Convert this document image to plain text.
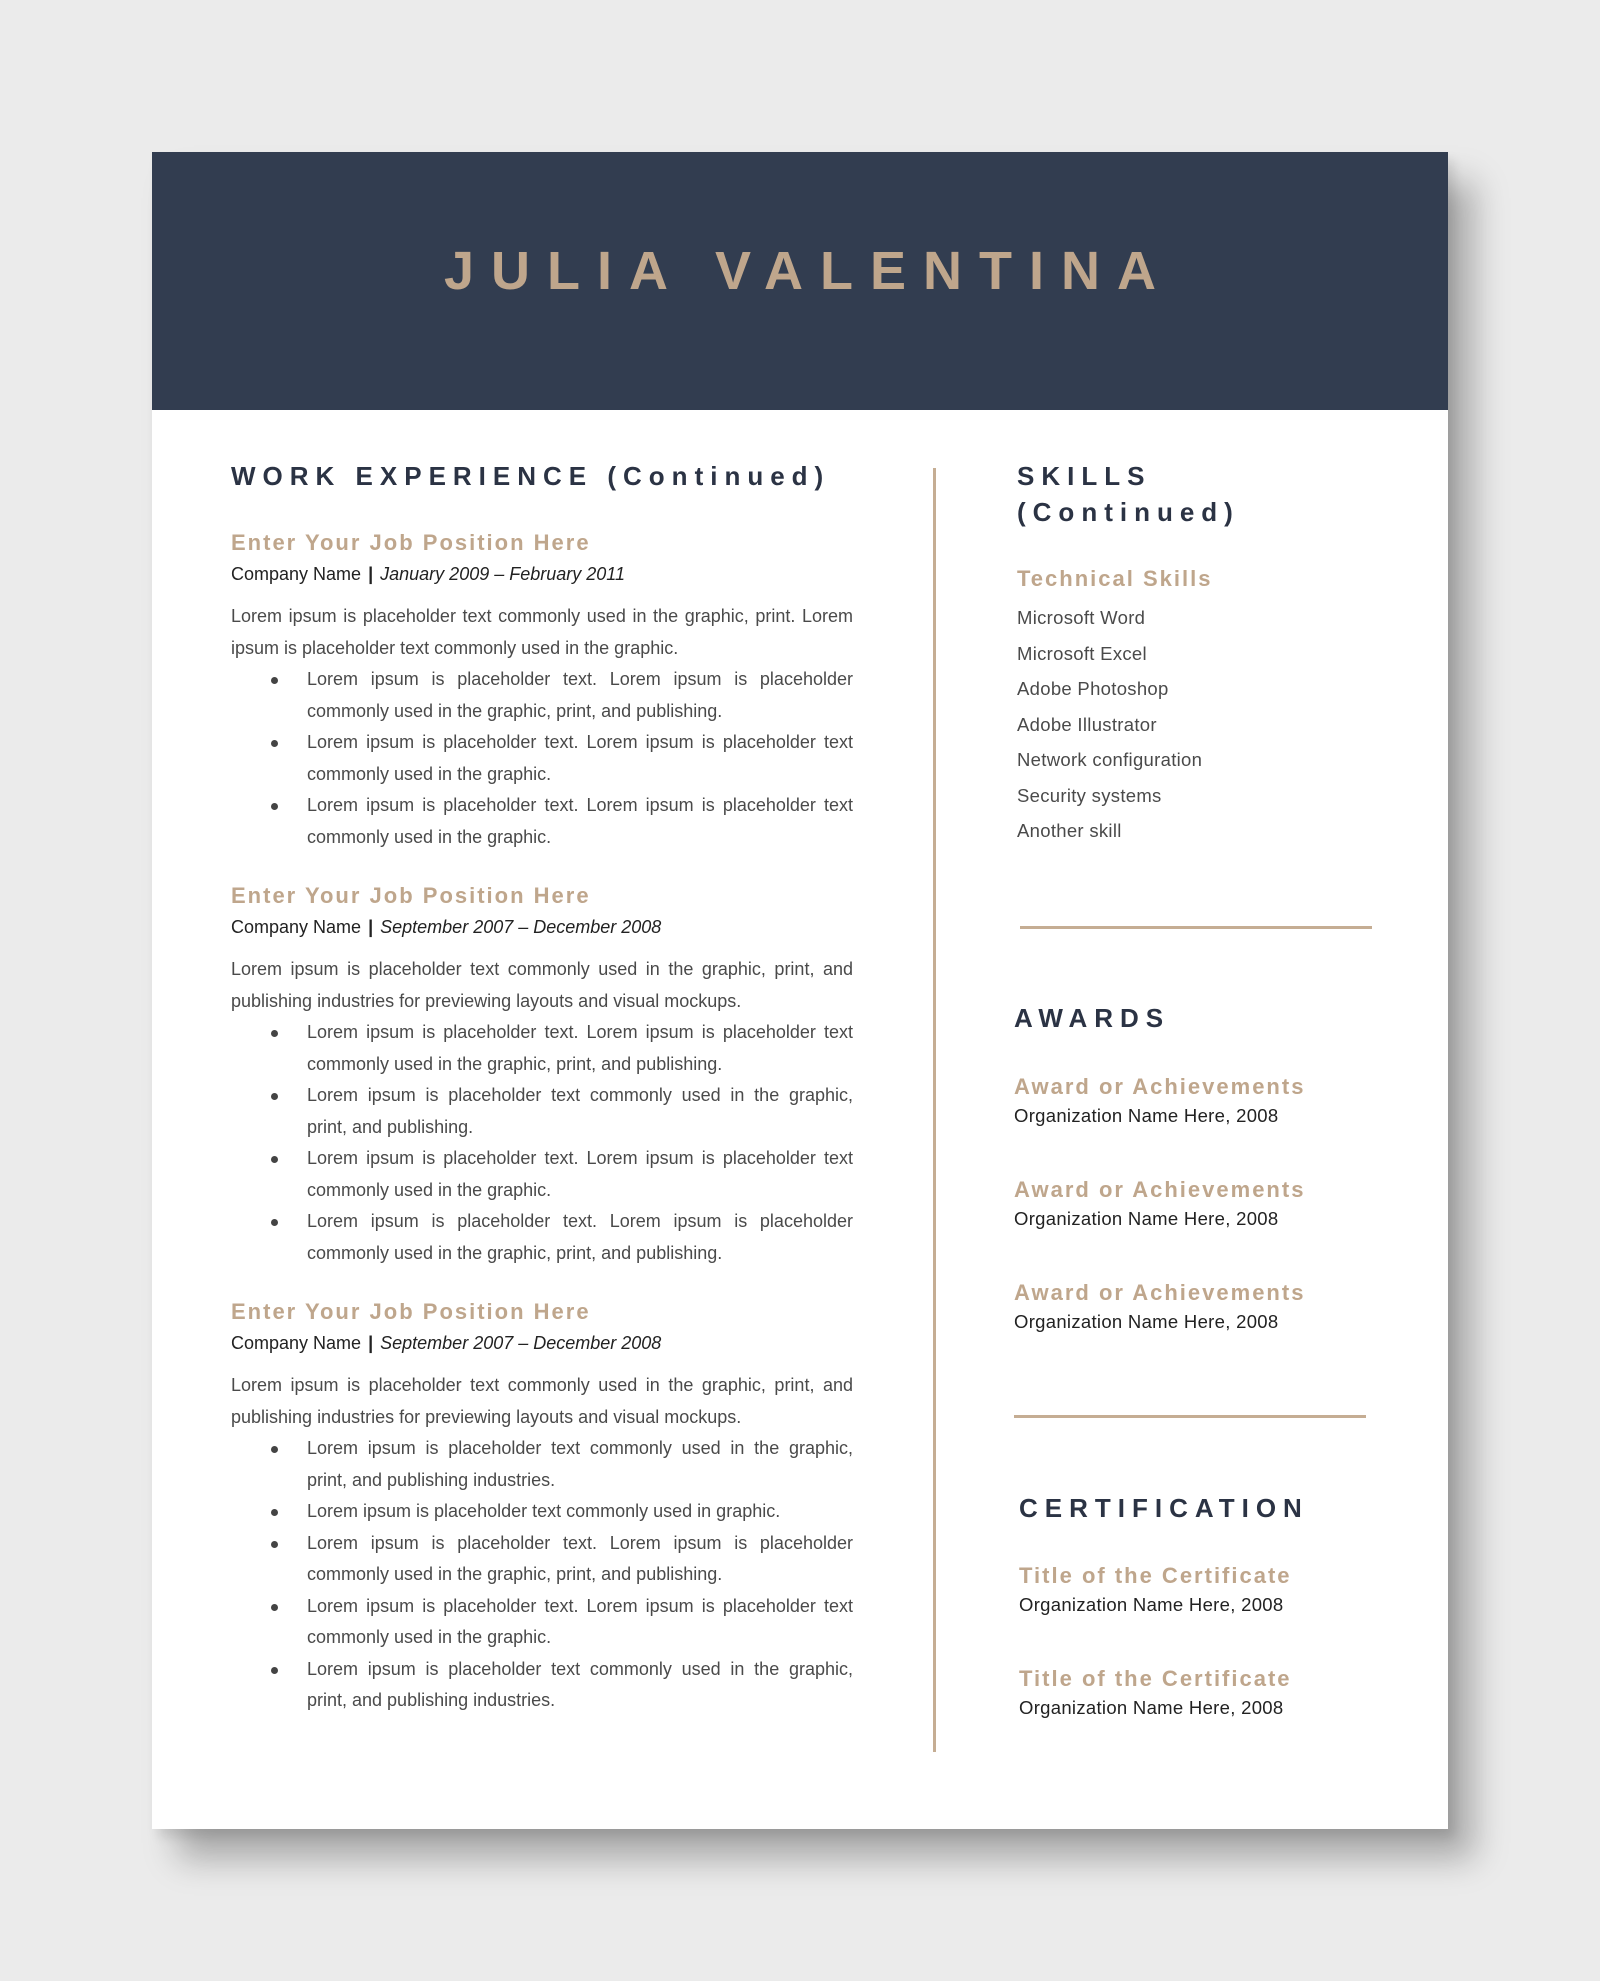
JULIA VALENTINA
WORK EXPERIENCE (Continued)
Enter Your Job Position Here
Company Name | January 2009 – February 2011
Lorem ipsum is placeholder text commonly used in the graphic, print. Lorem ipsum is placeholder text commonly used in the graphic.
Lorem ipsum is placeholder text. Lorem ipsum is placeholder commonly used in the graphic, print, and publishing.
Lorem ipsum is placeholder text. Lorem ipsum is placeholder text commonly used in the graphic.
Lorem ipsum is placeholder text. Lorem ipsum is placeholder text commonly used in the graphic.
Enter Your Job Position Here
Company Name | September 2007 – December 2008
Lorem ipsum is placeholder text commonly used in the graphic, print, and publishing industries for previewing layouts and visual mockups.
Lorem ipsum is placeholder text. Lorem ipsum is placeholder text commonly used in the graphic, print, and publishing.
Lorem ipsum is placeholder text commonly used in the graphic, print, and publishing.
Lorem ipsum is placeholder text. Lorem ipsum is placeholder text commonly used in the graphic.
Lorem ipsum is placeholder text. Lorem ipsum is placeholder commonly used in the graphic, print, and publishing.
Enter Your Job Position Here
Company Name | September 2007 – December 2008
Lorem ipsum is placeholder text commonly used in the graphic, print, and publishing industries for previewing layouts and visual mockups.
Lorem ipsum is placeholder text commonly used in the graphic, print, and publishing industries.
Lorem ipsum is placeholder text commonly used in graphic.
Lorem ipsum is placeholder text. Lorem ipsum is placeholder commonly used in the graphic, print, and publishing.
Lorem ipsum is placeholder text. Lorem ipsum is placeholder text commonly used in the graphic.
Lorem ipsum is placeholder text commonly used in the graphic, print, and publishing industries.
SKILLS
(Continued)
Technical Skills
Microsoft Word
Microsoft Excel
Adobe Photoshop
Adobe Illustrator
Network configuration
Security systems
Another skill
AWARDS
Award or Achievements
Organization Name Here, 2008
Award or Achievements
Organization Name Here, 2008
Award or Achievements
Organization Name Here, 2008
CERTIFICATION
Title of the Certificate
Organization Name Here, 2008
Title of the Certificate
Organization Name Here, 2008
